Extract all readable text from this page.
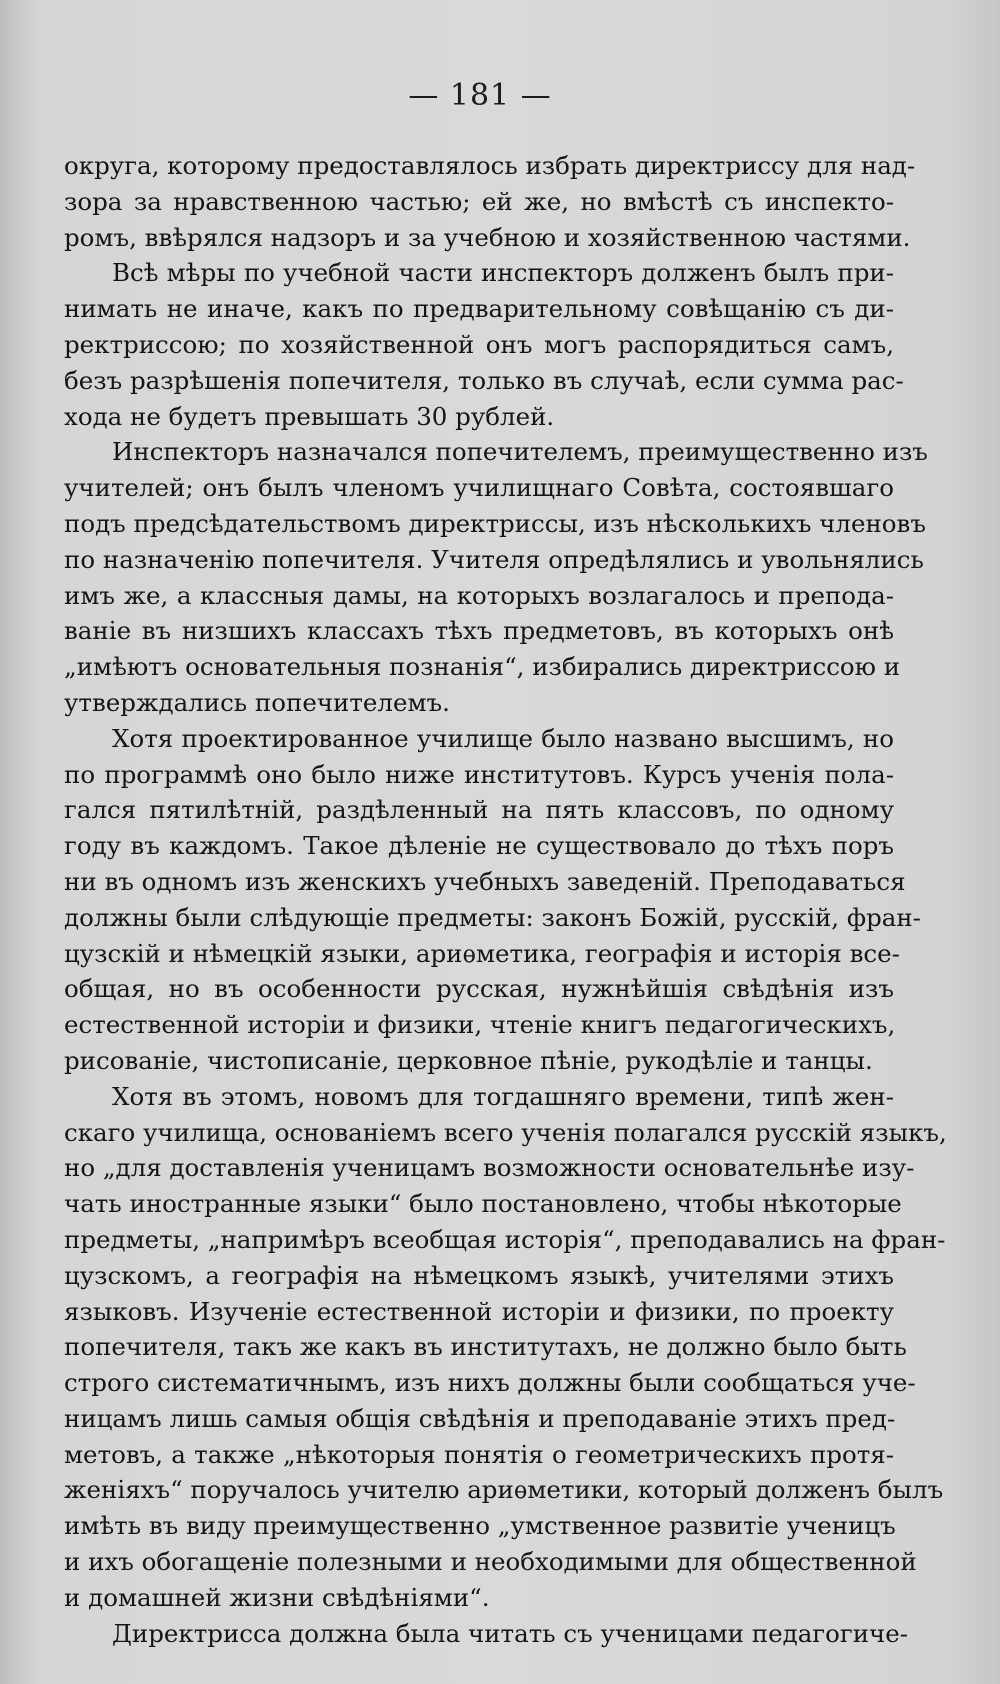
— 181 —
округа, которому предоставлялось избрать директриссу для над-
зора за нравственною частью; ей же, но вмѣстѣ съ инспекто-
ромъ, ввѣрялся надзоръ и за учебною и хозяйственною частями.
Всѣ мѣры по учебной части инспекторъ долженъ былъ при-
нимать не иначе, какъ по предварительному совѣщанію съ ди-
ректриссою; по хозяйственной онъ могъ распорядиться самъ,
безъ разрѣшенія попечителя, только въ случаѣ, если сумма рас-
хода не будетъ превышать 30 рублей.
Инспекторъ назначался попечителемъ, преимущественно изъ
учителей; онъ былъ членомъ училищнаго Совѣта, состоявшаго
подъ предсѣдательствомъ директриссы, изъ нѣсколькихъ членовъ
по назначенію попечителя. Учителя опредѣлялись и увольнялись
имъ же, а классныя дамы, на которыхъ возлагалось и препода-
ваніе въ низшихъ классахъ тѣхъ предметовъ, въ которыхъ онѣ
„имѣютъ основательныя познанія“, избирались директриссою и
утверждались попечителемъ.
Хотя проектированное училище было названо высшимъ, но
по программѣ оно было ниже институтовъ. Курсъ ученія пола-
гался пятилѣтній, раздѣленный на пять классовъ, по одному
году въ каждомъ. Такое дѣленіе не существовало до тѣхъ поръ
ни въ одномъ изъ женскихъ учебныхъ заведеній. Преподаваться
должны были слѣдующіе предметы: законъ Божій, русскій, фран-
цузскій и нѣмецкій языки, ариѳметика, географія и исторія все-
общая, но въ особенности русская, нужнѣйшія свѣдѣнія изъ
естественной исторіи и физики, чтеніе книгъ педагогическихъ,
рисованіе, чистописаніе, церковное пѣніе, рукодѣліе и танцы.
Хотя въ этомъ, новомъ для тогдашняго времени, типѣ жен-
скаго училища, основаніемъ всего ученія полагался русскій языкъ,
но „для доставленія ученицамъ возможности основательнѣе изу-
чать иностранные языки“ было постановлено, чтобы нѣкоторые
предметы, „напримѣръ всеобщая исторія“, преподавались на фран-
цузскомъ, а географія на нѣмецкомъ языкѣ, учителями этихъ
языковъ. Изученіе естественной исторіи и физики, по проекту
попечителя, такъ же какъ въ институтахъ, не должно было быть
строго систематичнымъ, изъ нихъ должны были сообщаться уче-
ницамъ лишь самыя общія свѣдѣнія и преподаваніе этихъ пред-
метовъ, а также „нѣкоторыя понятія о геометрическихъ протя-
женіяхъ“ поручалось учителю ариѳметики, который долженъ былъ
имѣть въ виду преимущественно „умственное развитіе ученицъ
и ихъ обогащеніе полезными и необходимыми для общественной
и домашней жизни свѣдѣніями“.
Директрисса должна была читать съ ученицами педагогиче-
